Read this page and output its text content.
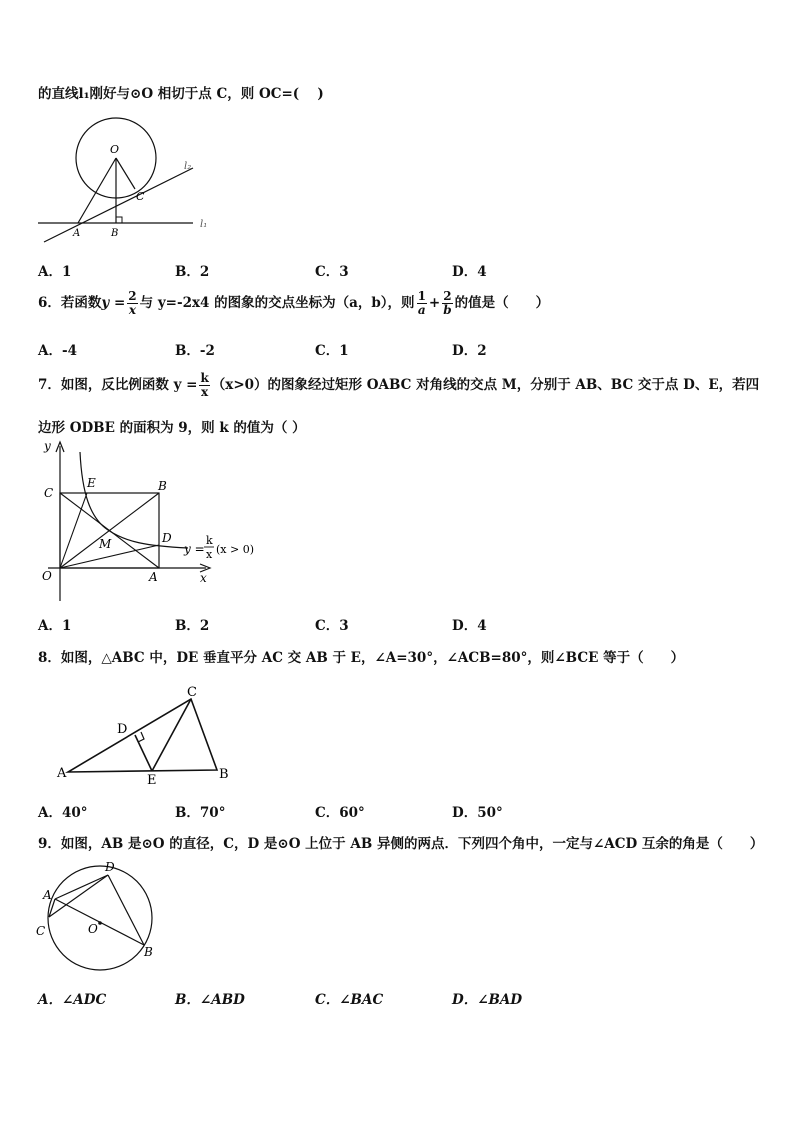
的直线l₁刚好与⊙O 相切于点 C，则 OC=(　 )
O
A	B
C
l₁
l₂
A．1	B．2	C．3	D．4
6．若函数$y = \frac{2}{x}$ 与 y=-2x4 的图象的交点坐标为（a，b），则 $\frac{1}{a} + \frac{2}{b}$ 的值是（　　）
A．-4	B．-2	C．1	D．2
7．如图，反比例函数 $y = \frac{k}{x} (x>0)$的图象经过矩形 OABC 对角线的交点 M，分别于 AB、BC 交于点 D、E，若四
边形 ODBE 的面积为 9，则 k 的值为（ ）
y
x
O	A
B
C
D
E
M	y =
k
x (x > 0)
A．1	B．2	C．3	D．4
8．如图，△ABC 中，DE 垂直平分 AC 交 AB 于 E，∠A=30°，∠ACB=80°，则∠BCE 等于（　　）
A	B
C
D
E
A．40°	B．70°	C．60°	D．50°
9．如图，AB 是⊙O 的直径，C，D 是⊙O 上位于 AB 异侧的两点．下列四个角中，一定与∠ACD 互余的角是（　　）
A
B
C
D
O
A．∠ADC	B．∠ABD	C．∠BAC	D．∠BAD
